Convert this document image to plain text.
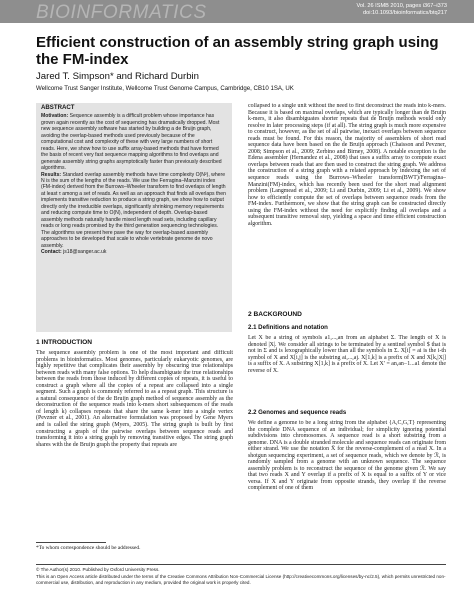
BIOINFORMATICS	Vol. 26 ISMB 2010, pages i367–i373
doi:10.1093/bioinformatics/btq217
Efficient construction of an assembly string graph using the FM-index

Jared T. Simpson* and Richard Durbin

Wellcome Trust Sanger Institute, Wellcome Trust Genome Campus, Cambridge, CB10 1SA, UK

ABSTRACT

Motivation: Sequence assembly is a difficult problem whose importance has grown again recently as the cost of sequencing has dramatically dropped. Most new sequence assembly software has started by building a de Bruijn graph, avoiding the overlap-based methods used previously because of the computational cost and complexity of these with very large numbers of short reads. Here, we show how to use suffix array-based methods that have formed the basis of recent very fast sequence mapping algorithms to find overlaps and generate assembly string graphs asymptotically faster than previously described algorithms.

Results: Standard overlap assembly methods have time complexity O(N²), where N is the sum of the lengths of the reads. We use the Ferragina–Manzini index (FM-index) derived from the Burrows–Wheeler transform to find overlaps of length at least τ among a set of reads. As well as an approach that finds all overlaps then implements transitive reduction to produce a string graph, we show how to output directly only the irreducible overlaps, significantly shrinking memory requirements and reducing compute time to O(N), independent of depth. Overlap-based assembly methods naturally handle mixed length read sets, including capillary reads or long reads promised by the third generation sequencing technologies. The algorithms we present here pave the way for overlap-based assembly approaches to be developed that scale to whole vertebrate genome de novo assembly.

Contact: js18@sanger.ac.uk

1 INTRODUCTION

The sequence assembly problem is one of the most important and difficult problems in bioinformatics. Most genomes, particularly eukaryotic genomes, are highly repetitive that complicates their assembly by obscuring true relationships between reads with many false options. To help disambiguate the true relationships between the reads from those induced by different copies of repeats, it is useful to construct a graph where all the copies of a repeat are collapsed into a single segment. Such a graph is commonly referred to as a repeat graph. This structure is a natural consequence of the de Bruijn graph method of sequence assembly as the deconstruction of the sequence reads into k-mers short subsequences of the reads of length k) collapses repeats that share the same k-mer into a single vertex (Pevzner et al., 2001). An alternative formulation was proposed by Gene Myers and is called the string graph (Myers, 2005). The string graph is built by first constructing a graph of the pairwise overlaps between sequence reads and transforming it into a string graph by removing transitive edges. The string graph shares with the de Bruijn graph the property that repeats are

*To whom correspondence should be addressed.

collapsed to a single unit without the need to first deconstruct the reads into k-mers. Because it is based on maximal overlaps, which are typically longer than de Bruijn k-mers, it also disambiguates shorter repeats that de Bruijn methods would only resolve in later processing steps (if at all). The string graph is much more expensive to construct, however, as the set of all pairwise, inexact overlaps between sequence reads must be found. For this reason, the majority of assemblers of short read sequence data have been based on the de Bruijn approach (Chaisson and Pevzner, 2008; Simpson et al., 2009; Zerbino and Birney, 2008). A notable exception is the Edena assembler (Hernandez et al., 2008) that uses a suffix array to compute exact overlaps between reads that are then used to construct the string graph. We address the construction of a string graph with a related approach by indexing the set of sequence reads using the Burrows–Wheeler transform(BWT)/Ferragina–Manzini(FM)-index, which has recently been used for the short read alignment problem (Langmead et al., 2009; Li and Durbin, 2009; Li et al., 2009). We show how to efficiently compute the set of overlaps between sequence reads from the FM-index. Furthermore, we show that the string graph can be constructed directly using the FM-index without the need for explicitly finding all overlaps and a subsequent transitive removal step, yielding a space and time efficient construction algorithm.

2 BACKGROUND

2.1 Definitions and notation

Let X be a string of symbols a1,...,an from an alphabet Σ. The length of X is denoted |X|. We consider all strings to be terminated by a sentinel symbol $ that is not in Σ and is lexographically lower than all the symbols in Σ. X[i] = ai is the i-th symbol of X and X[i,j] is the substring ai,...,aj. X[1,k] is a prefix of X and X[k,|X|] is a suffix of X. A substring X[1,k] is a prefix of X. Let X′ = an,an−1...a1 denote the reverse of X.

2.2 Genomes and sequence reads

We define a genome to be a long string from the alphabet {A,C,G,T} representing the complete DNA sequence of an individual; for simplicity ignoring potential subdivisions into chromosomes. A sequence read is a short substring from a genome. DNA is a double stranded molecule and sequence reads can originate from either strand. We use the notation X̄ for the reverse-complement of a read X. In a shotgun sequencing experiment, a set of sequence reads, which we denote by ℛ, is randomly sampled from a genome with an unknown sequence. The sequence assembly problem is to reconstruct the sequence of the genome given ℛ. We say that two reads X and Y overlap if a prefix of X is equal to a suffix of Y or vice versa. If X and Y originate from opposite strands, they overlap if the reverse complement of one of them

© The Author(s) 2010. Published by Oxford University Press.

This is an Open Access article distributed under the terms of the Creative Commons Attribution Non-Commercial License (http://creativecommons.org/licenses/by-nc/2.5), which permits unrestricted non-commercial use, distribution, and reproduction in any medium, provided the original work is properly cited.
